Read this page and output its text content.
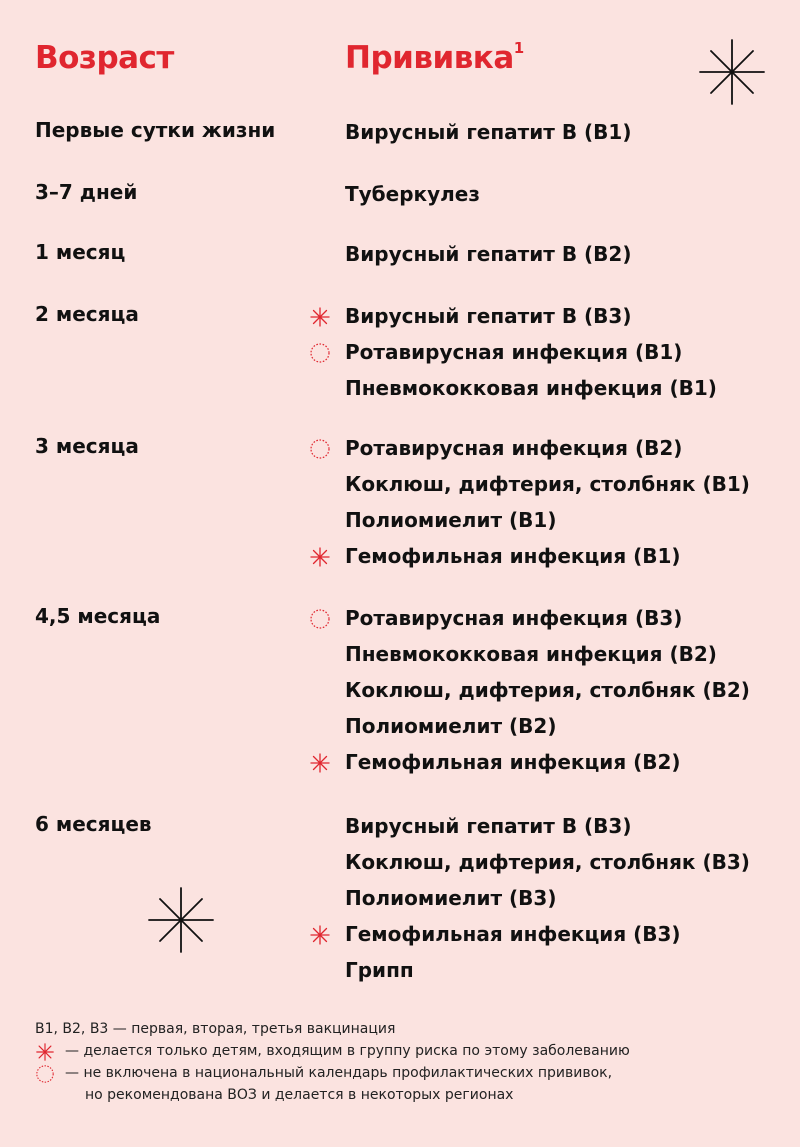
Возраст	Прививка$^1$
Первые сутки жизни	Вирусный гепатит В (В1)
3–7 дней	Туберкулез
1 месяц	Вирусный гепатит В (В2)
2 месяца	Вирусный гепатит В (В3)
Ротавирусная инфекция (В1)
Пневмококковая инфекция (В1)
3 месяца	Ротавирусная инфекция (В2)
Коклюш, дифтерия, столбняк (В1)
Полиомиелит (В1)
Гемофильная инфекция (В1)
4,5 месяца	Ротавирусная инфекция (В3)
Пневмококковая инфекция (В2)
Коклюш, дифтерия, столбняк (В2)
Полиомиелит (В2)
Гемофильная инфекция (В2)
6 месяцев	Вирусный гепатит В (В3)
Коклюш, дифтерия, столбняк (В3)
Полиомиелит (В3)
Гемофильная инфекция (В3)
Грипп
В1, В2, В3 — первая, вторая, третья вакцинация
— делается только детям, входящим в группу риска по этому заболеванию
— не включена в национальный календарь профилактических прививок,
но рекомендована ВОЗ и делается в некоторых регионах
